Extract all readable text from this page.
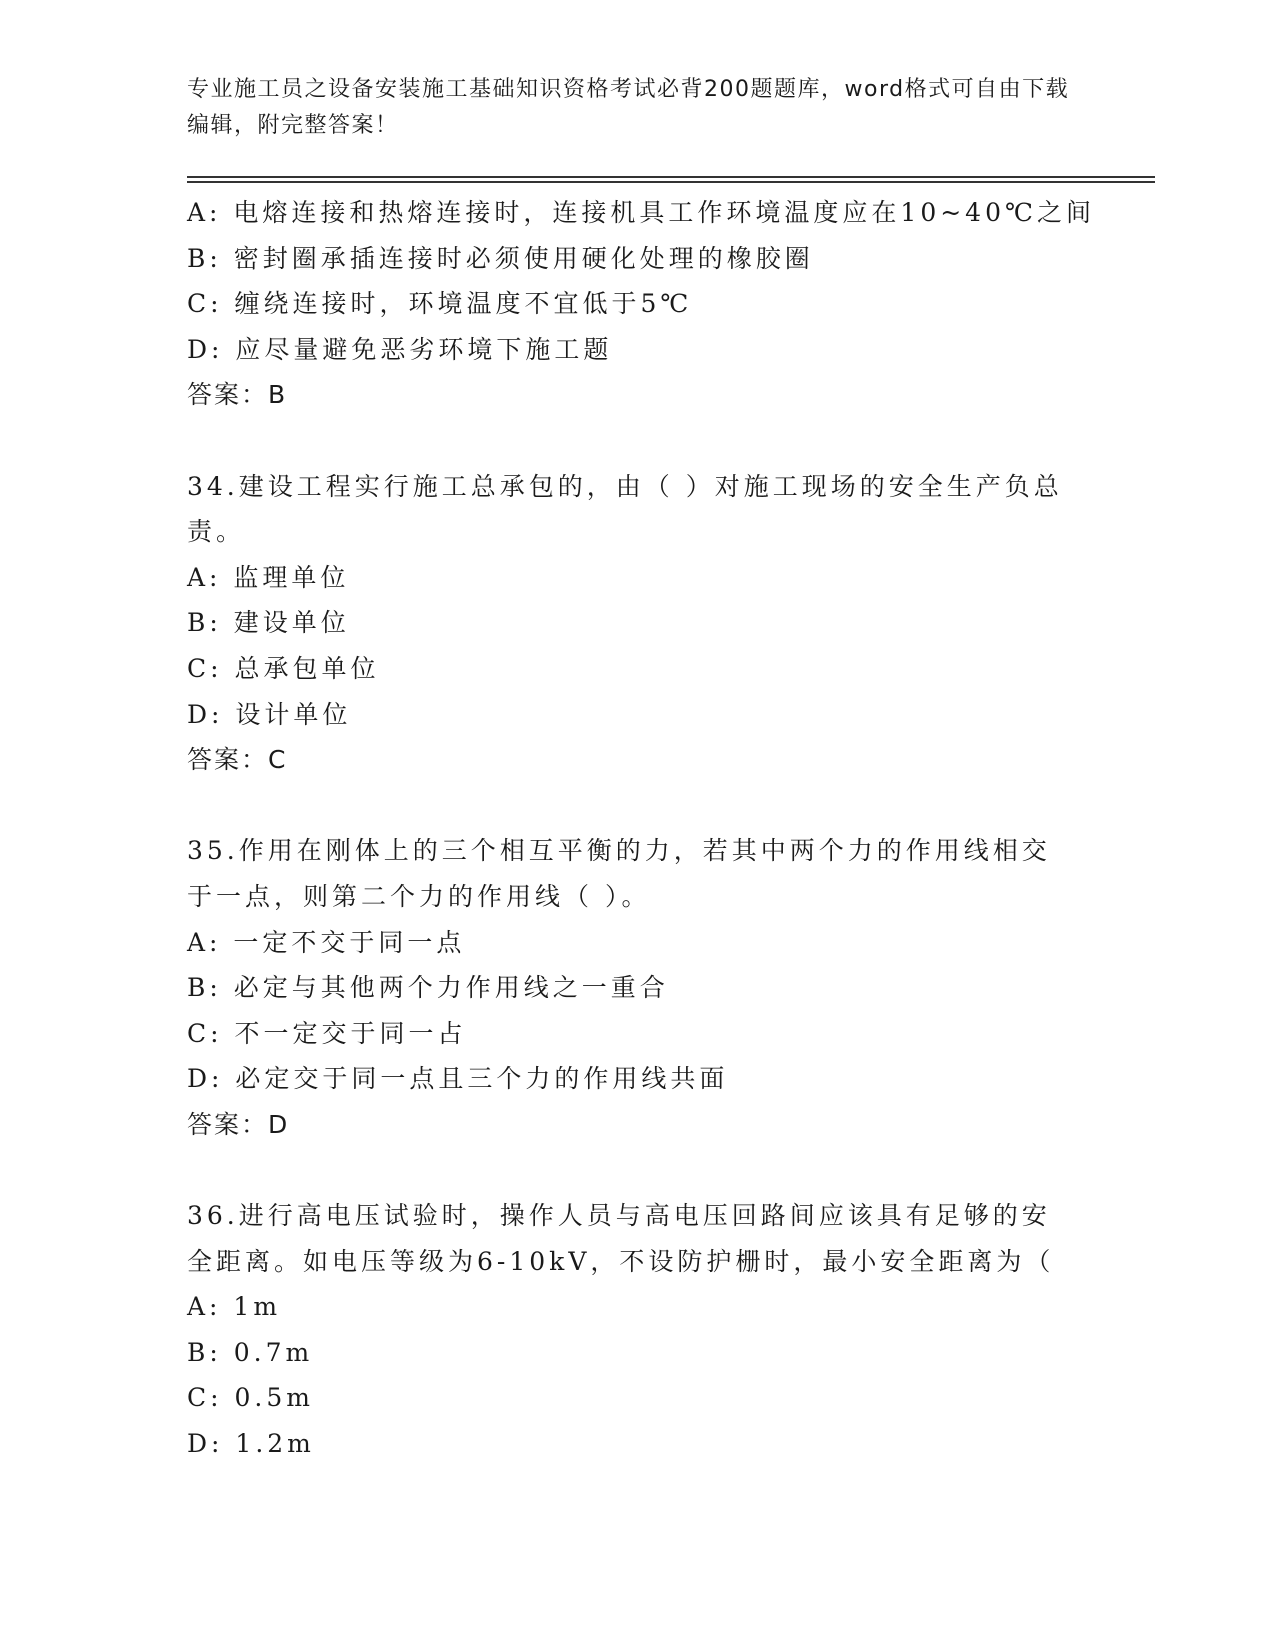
专业施工员之设备安装施工基础知识资格考试必背200题题库，word格式可自由下载编辑，附完整答案！
A: 电熔连接和热熔连接时，连接机具工作环境温度应在10~40℃之间
B: 密封圈承插连接时必须使用硬化处理的橡胶圈
C: 缠绕连接时，环境温度不宜低于5℃
D: 应尽量避免恶劣环境下施工题
答案：B
34.建设工程实行施工总承包的，由（ ）对施工现场的安全生产负总责。
A: 监理单位
B: 建设单位
C: 总承包单位
D: 设计单位
答案：C
35.作用在刚体上的三个相互平衡的力，若其中两个力的作用线相交于一点，则第二个力的作用线（ ）。
A: 一定不交于同一点
B: 必定与其他两个力作用线之一重合
C: 不一定交于同一占
D: 必定交于同一点且三个力的作用线共面
答案：D
36.进行高电压试验时，操作人员与高电压回路间应该具有足够的安全距离。如电压等级为6-10kV，不设防护栅时，最小安全距离为（
A: 1m
B: 0.7m
C: 0.5m
D: 1.2m
